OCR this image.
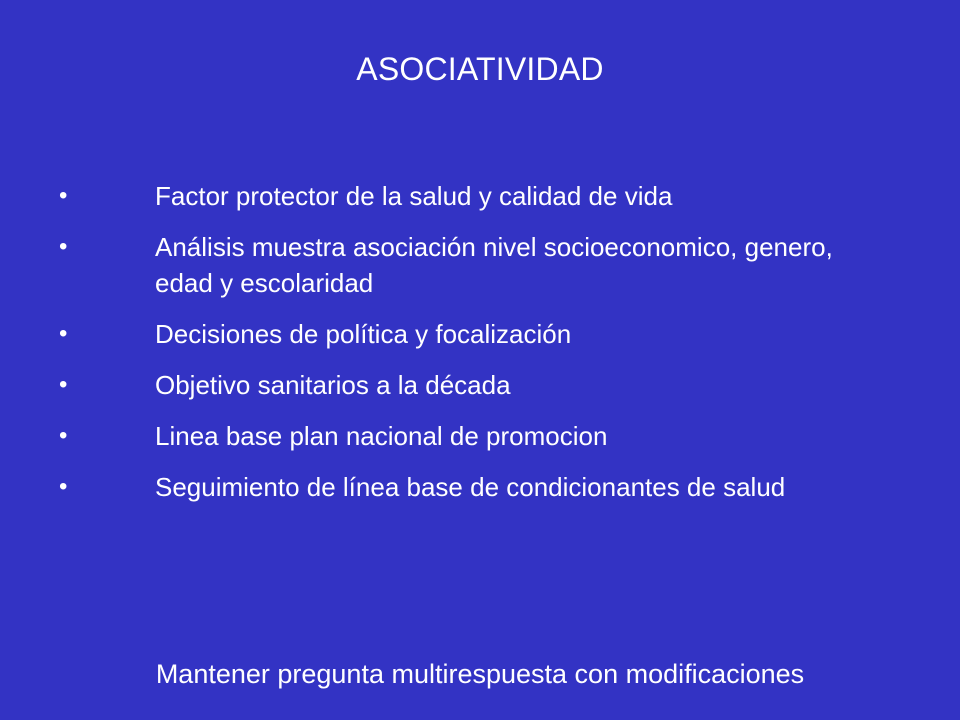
ASOCIATIVIDAD
•	Factor protector de la salud y calidad de vida
•	Análisis muestra asociación nivel socioeconomico, genero, edad y escolaridad
•	Decisiones de política y focalización
•	Objetivo sanitarios a la década
•	Linea base plan nacional de promocion
•	Seguimiento de línea base de condicionantes de salud
Mantener pregunta multirespuesta con modificaciones
